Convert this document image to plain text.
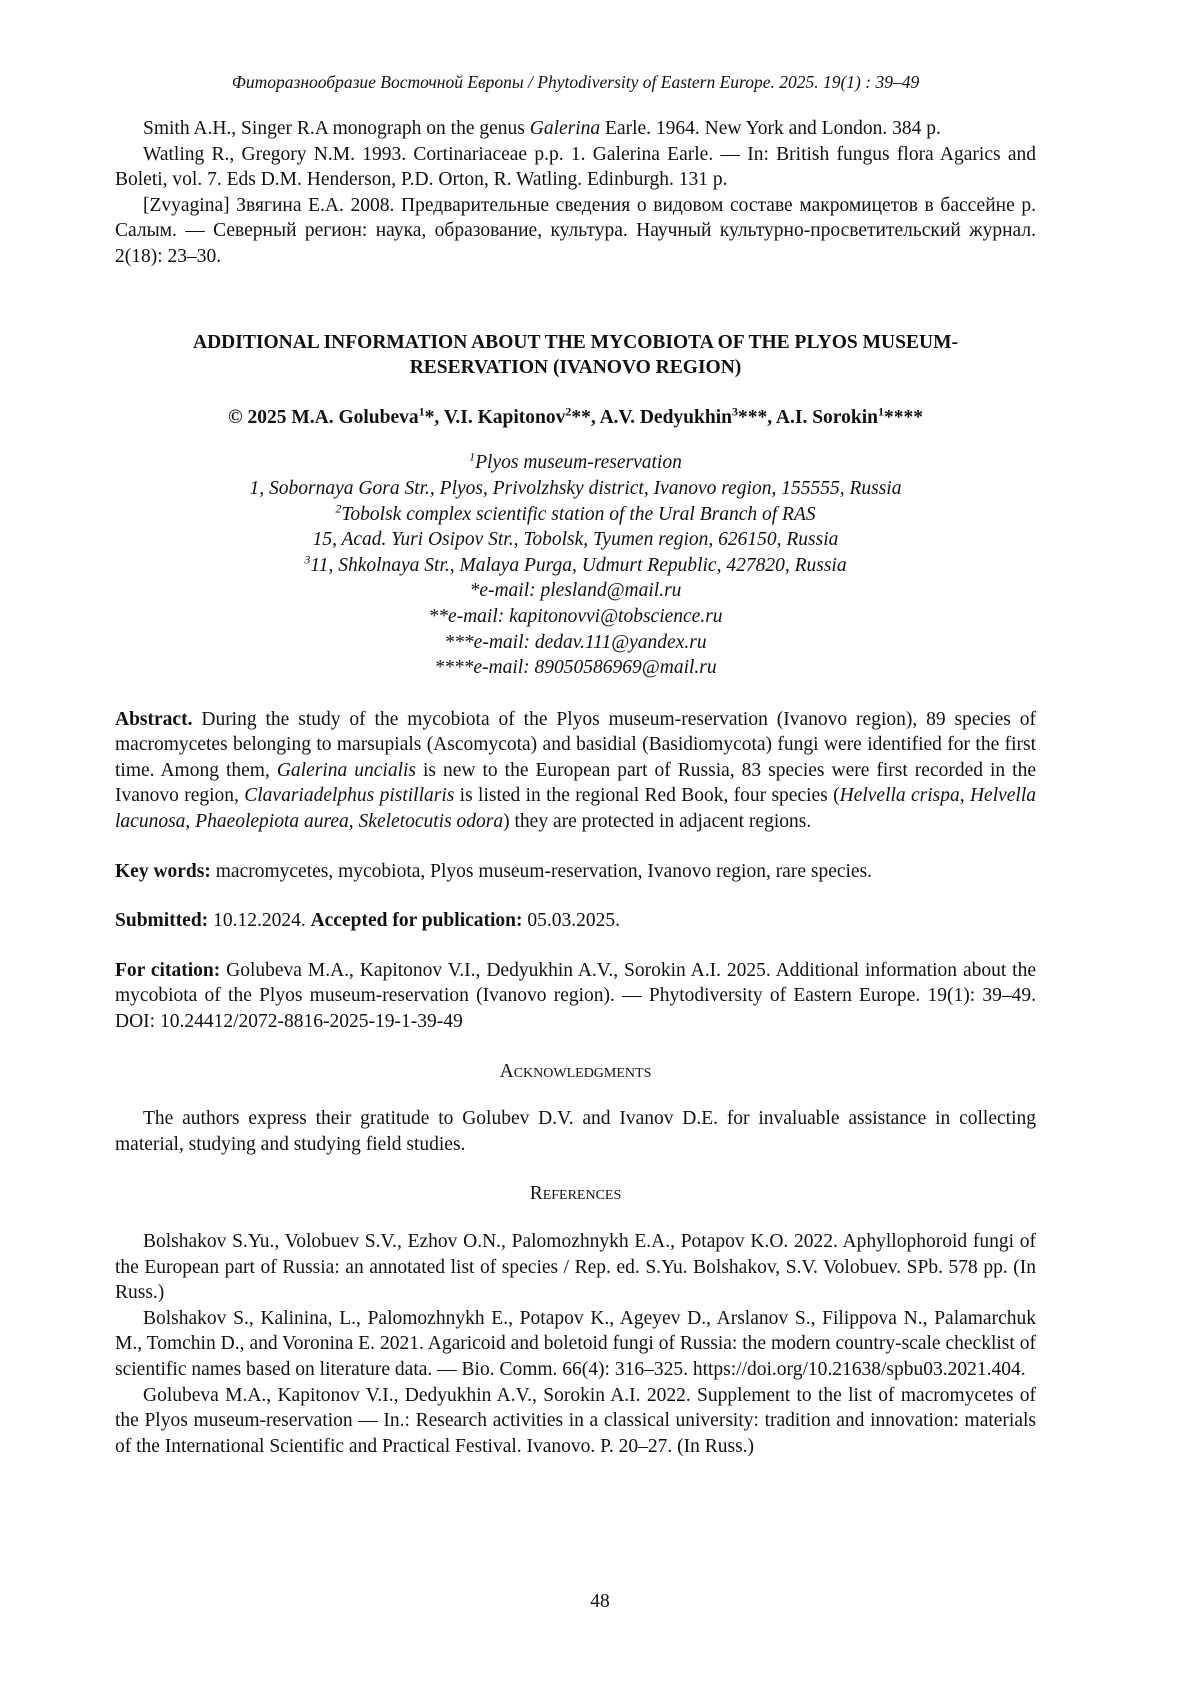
Фиторазнообразие Восточной Европы / Phytodiversity of Eastern Europe. 2025. 19(1) : 39–49

Smith A.H., Singer R.A monograph on the genus Galerina Earle. 1964. New York and London. 384 p.

Watling R., Gregory N.M. 1993. Cortinariaceae p.p. 1. Galerina Earle. — In: British fungus flora Agarics and Boleti, vol. 7. Eds D.M. Henderson, P.D. Orton, R. Watling. Edinburgh. 131 p.

[Zvyagina] Звягина Е.А. 2008. Предварительные сведения о видовом составе макромицетов в бассейне р. Салым. — Северный регион: наука, образование, культура. Научный культурно-просветительский журнал. 2(18): 23–30.

ADDITIONAL INFORMATION ABOUT THE MYCOBIOTA OF THE PLYOS MUSEUM-RESERVATION (IVANOVO REGION)
© 2025 M.A. Golubeva1*, V.I. Kapitonov2**, A.V. Dedyukhin3***, A.I. Sorokin1****
1Plyos museum-reservation
1, Sobornaya Gora Str., Plyos, Privolzhsky district, Ivanovo region, 155555, Russia
2Tobolsk complex scientific station of the Ural Branch of RAS
15, Acad. Yuri Osipov Str., Tobolsk, Tyumen region, 626150, Russia
311, Shkolnaya Str., Malaya Purga, Udmurt Republic, 427820, Russia
*e-mail: plesland@mail.ru
**e-mail: kapitonovvi@tobscience.ru
***e-mail: dedav.111@yandex.ru
****e-mail: 89050586969@mail.ru

Abstract. During the study of the mycobiota of the Plyos museum-reservation (Ivanovo region), 89 species of macromycetes belonging to marsupials (Ascomycota) and basidial (Basidiomycota) fungi were identified for the first time. Among them, Galerina uncialis is new to the European part of Russia, 83 species were first recorded in the Ivanovo region, Clavariadelphus pistillaris is listed in the regional Red Book, four species (Helvella crispa, Helvella lacunosa, Phaeolepiota aurea, Skeletocutis odora) they are protected in adjacent regions.

Key words: macromycetes, mycobiota, Plyos museum-reservation, Ivanovo region, rare species.

Submitted: 10.12.2024. Accepted for publication: 05.03.2025.

For citation: Golubeva M.A., Kapitonov V.I., Dedyukhin A.V., Sorokin A.I. 2025. Additional information about the mycobiota of the Plyos museum-reservation (Ivanovo region). — Phytodiversity of Eastern Europe. 19(1): 39–49. DOI: 10.24412/2072-8816-2025-19-1-39-49

Acknowledgments

The authors express their gratitude to Golubev D.V. and Ivanov D.E. for invaluable assistance in collecting material, studying and studying field studies.

References

Bolshakov S.Yu., Volobuev S.V., Ezhov O.N., Palomozhnykh E.A., Potapov K.O. 2022. Aphyllophoroid fungi of the European part of Russia: an annotated list of species / Rep. ed. S.Yu. Bolshakov, S.V. Volobuev. SPb. 578 pp. (In Russ.)

Bolshakov S., Kalinina, L., Palomozhnykh E., Potapov K., Ageyev D., Arslanov S., Filippova N., Palamarchuk M., Tomchin D., and Voronina E. 2021. Agaricoid and boletoid fungi of Russia: the modern country-scale checklist of scientific names based on literature data. — Bio. Comm. 66(4): 316–325. https://doi.org/10.21638/spbu03.2021.404.

Golubeva M.A., Kapitonov V.I., Dedyukhin A.V., Sorokin A.I. 2022. Supplement to the list of macromycetes of the Plyos museum-reservation — In.: Research activities in a classical university: tradition and innovation: materials of the International Scientific and Practical Festival. Ivanovo. P. 20–27. (In Russ.)

48
